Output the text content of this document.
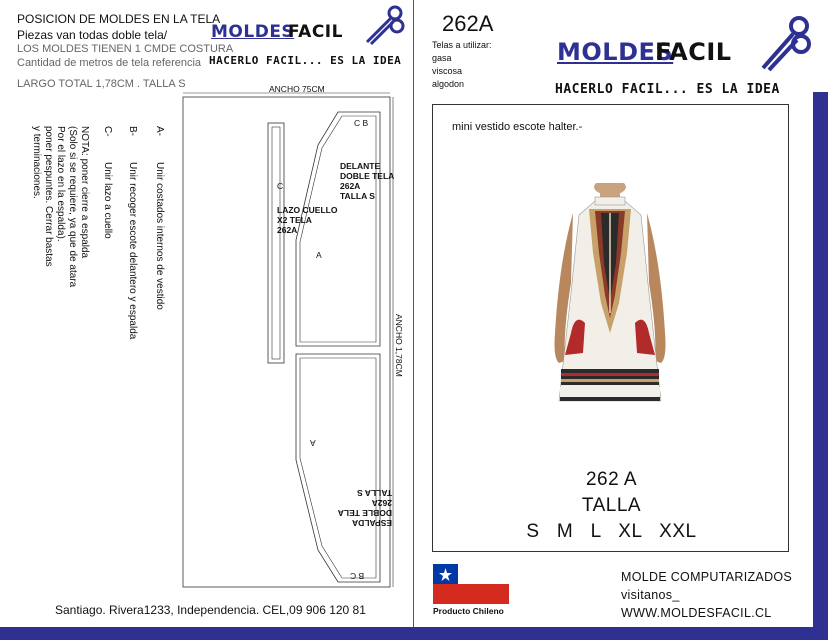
POSICION DE MOLDES EN LA TELA
Piezas van todas doble tela/
LOS MOLDES TIENEN 1 CMDE COSTURA
Cantidad de metros de tela referencia
LARGO TOTAL 1,78CM . TALLA S
MOLDES
FACIL
HACERLO FACIL... ES LA IDEA
A-
Unir costados internos de vestido
B-
Unir recoger escote delantero y espalda
C-
Unir lazo a cuello
NOTA: poner cierre a espalda
(Solo si se requiere, ya que de atara
Por el lazo en la espalda).
poner pespuntes. Cerrar bastas
y terminaciones.
ANCHO 75CM
C B
DELANTE
DOBLE TELA
262A
TALLA S
C
LAZO CUELLO
X2 TELA
262A
A
A
ESPALDA
DOBLE TELA
262A
TALLA S
B C
ANCHO 1,78CM
Santiago. Rivera1233, Independencia. CEL,09 906 120 81
262A
Telas a utilizar:
gasa
viscosa
algodon
MOLDES
FACIL
HACERLO FACIL... ES LA IDEA
mini vestido escote halter.-
262 A
TALLA
S   M   L   XL   XXL
Producto Chileno
MOLDE COMPUTARIZADOS
visitanos_
WWW.MOLDESFACIL.CL
